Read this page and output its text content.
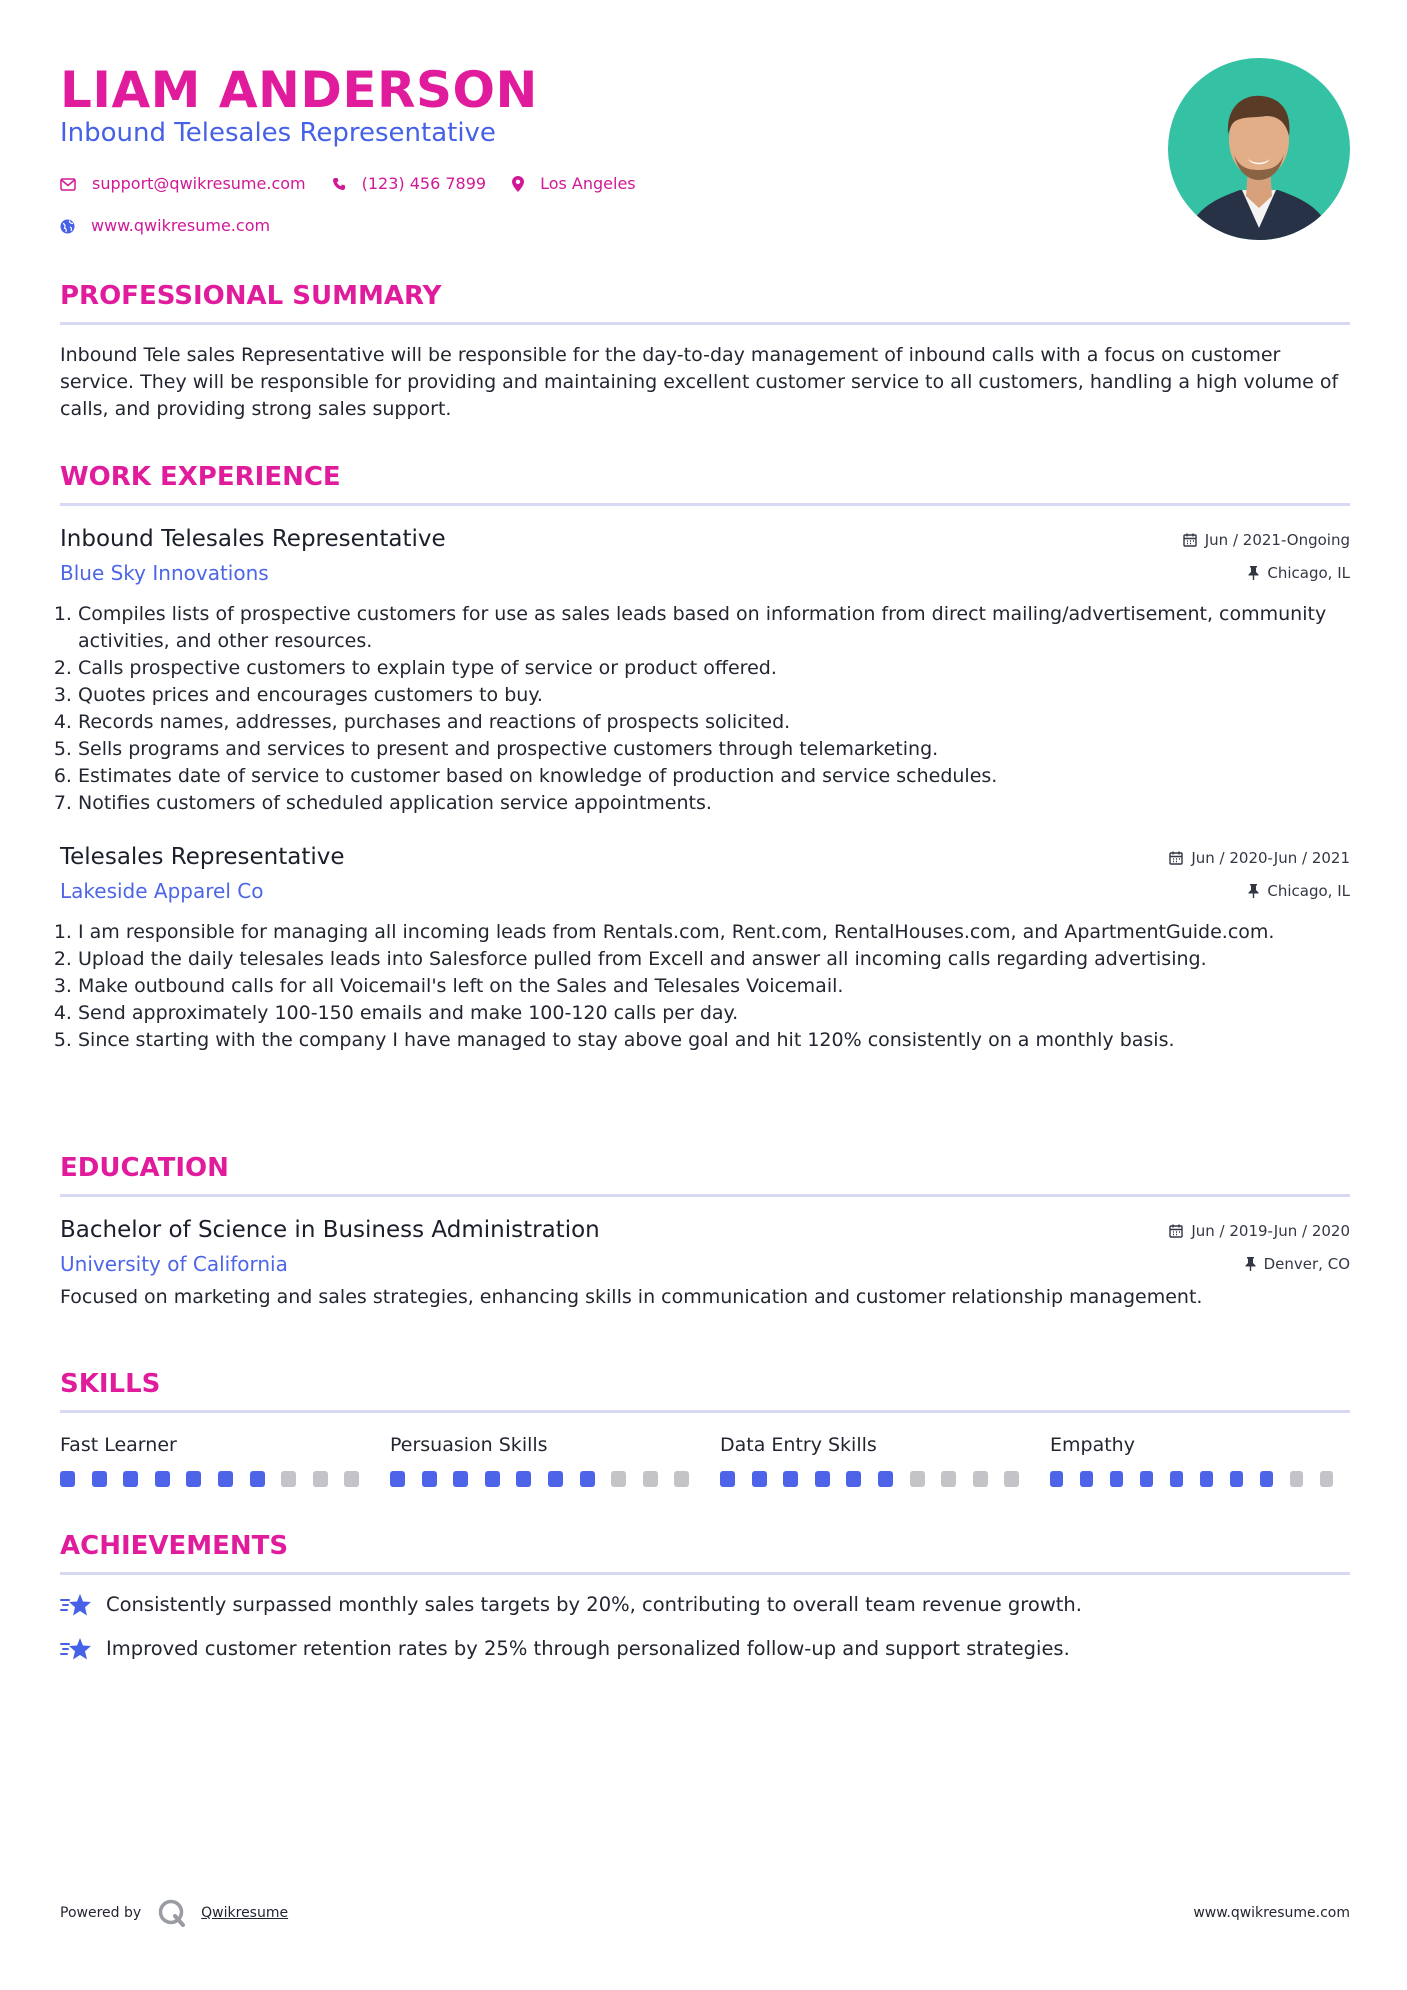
LIAM ANDERSON
Inbound Telesales Representative
support@qwikresume.com	(123) 456 7899	Los Angeles
www.qwikresume.com
PROFESSIONAL SUMMARY
Inbound Tele sales Representative will be responsible for the day-to-day management of inbound calls with a focus on customer service. They will be responsible for providing and maintaining excellent customer service to all customers, handling a high volume of calls, and providing strong sales support.
WORK EXPERIENCE
Inbound Telesales Representative
Blue Sky Innovations
Jun / 2021-Ongoing
Chicago, IL
1. Compiles lists of prospective customers for use as sales leads based on information from direct mailing/advertisement, community activities, and other resources.
2. Calls prospective customers to explain type of service or product offered.
3. Quotes prices and encourages customers to buy.
4. Records names, addresses, purchases and reactions of prospects solicited.
5. Sells programs and services to present and prospective customers through telemarketing.
6. Estimates date of service to customer based on knowledge of production and service schedules.
7. Notifies customers of scheduled application service appointments.
Telesales Representative
Lakeside Apparel Co
Jun / 2020-Jun / 2021
Chicago, IL
1. I am responsible for managing all incoming leads from Rentals.com, Rent.com, RentalHouses.com, and ApartmentGuide.com.
2. Upload the daily telesales leads into Salesforce pulled from Excell and answer all incoming calls regarding advertising.
3. Make outbound calls for all Voicemail's left on the Sales and Telesales Voicemail.
4. Send approximately 100-150 emails and make 100-120 calls per day.
5. Since starting with the company I have managed to stay above goal and hit 120% consistently on a monthly basis.
EDUCATION
Bachelor of Science in Business Administration
University of California
Jun / 2019-Jun / 2020
Denver, CO
Focused on marketing and sales strategies, enhancing skills in communication and customer relationship management.
SKILLS
Fast Learner	Persuasion Skills	Data Entry Skills	Empathy
ACHIEVEMENTS
Consistently surpassed monthly sales targets by 20%, contributing to overall team revenue growth.
Improved customer retention rates by 25% through personalized follow-up and support strategies.
Powered by	Qwikresume	www.qwikresume.com
